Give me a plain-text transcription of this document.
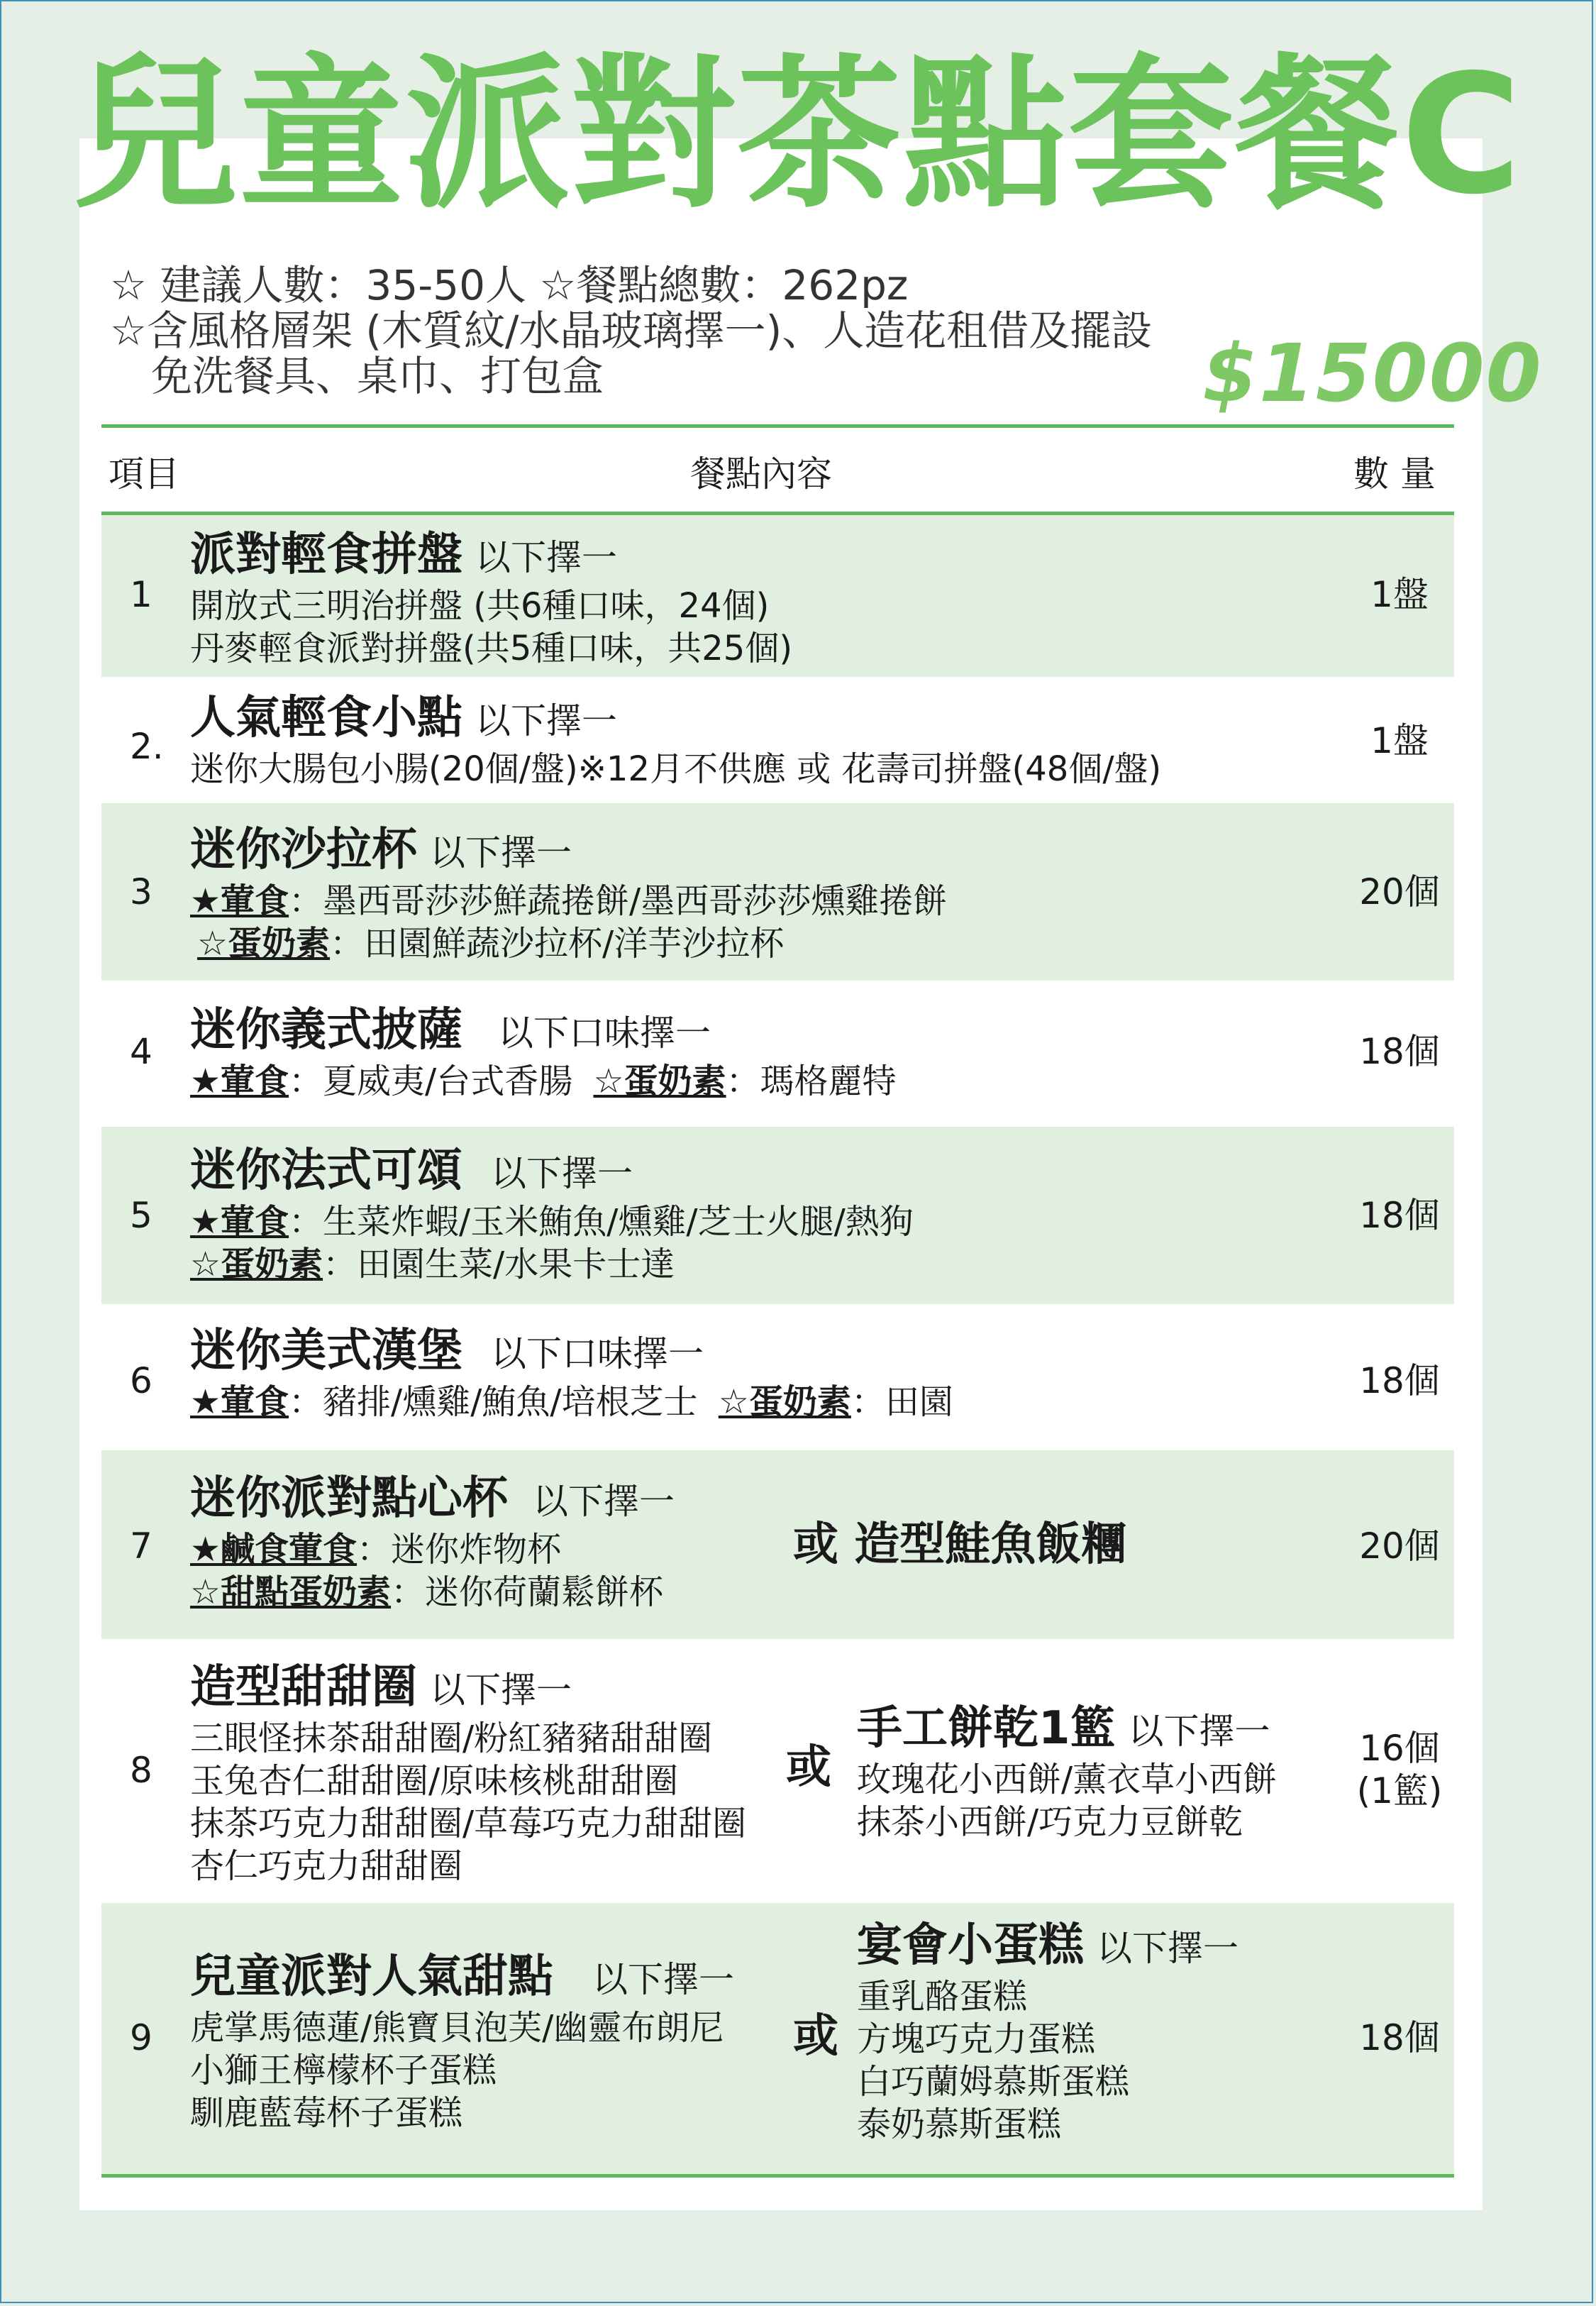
兒童派對茶點套餐C
☆ 建議人數：35-50人 ☆餐點總數：262pz
☆含風格層架 (木質紋/水晶玻璃擇一)、人造花租借及擺設
免洗餐具、桌巾、打包盒	$15000
項目	餐點內容	數 量
1
派對輕食拼盤 以下擇一
開放式三明治拼盤 (共6種口味，24個)
丹麥輕食派對拼盤(共5種口味，共25個)
1盤
2.
人氣輕食小點 以下擇一
迷你大腸包小腸(20個/盤)※12月不供應 或 花壽司拼盤(48個/盤)
1盤
3
迷你沙拉杯 以下擇一
★葷食：墨西哥莎莎鮮蔬捲餅/墨西哥莎莎燻雞捲餅
☆蛋奶素：田園鮮蔬沙拉杯/洋芋沙拉杯
20個
4 迷你義式披薩 以下口味擇一
★葷食：夏威夷/台式香腸 ☆蛋奶素：瑪格麗特
18個
5
迷你法式可頌 以下擇一
★葷食：生菜炸蝦/玉米鮪魚/燻雞/芝士火腿/熱狗
☆蛋奶素：田園生菜/水果卡士達
18個
6
迷你美式漢堡 以下口味擇一
★葷食：豬排/燻雞/鮪魚/培根芝士 ☆蛋奶素：田園
18個
7
迷你派對點心杯 以下擇一
★鹹食葷食：迷你炸物杯
☆甜點蛋奶素：迷你荷蘭鬆餅杯
或 造型鮭魚飯糰	20個
8
造型甜甜圈 以下擇一
三眼怪抹茶甜甜圈/粉紅豬豬甜甜圈
玉兔杏仁甜甜圈/原味核桃甜甜圈
抹茶巧克力甜甜圈/草莓巧克力甜甜圈
杏仁巧克力甜甜圈
或
手工餅乾1籃 以下擇一
玫瑰花小西餅/薰衣草小西餅
抹茶小西餅/巧克力豆餅乾
16個
(1籃)
9
兒童派對人氣甜點 以下擇一
虎掌馬德蓮/熊寶貝泡芙/幽靈布朗尼
小獅王檸檬杯子蛋糕
馴鹿藍莓杯子蛋糕
或
宴會小蛋糕 以下擇一
重乳酪蛋糕
方塊巧克力蛋糕
白巧蘭姆慕斯蛋糕
泰奶慕斯蛋糕
18個
